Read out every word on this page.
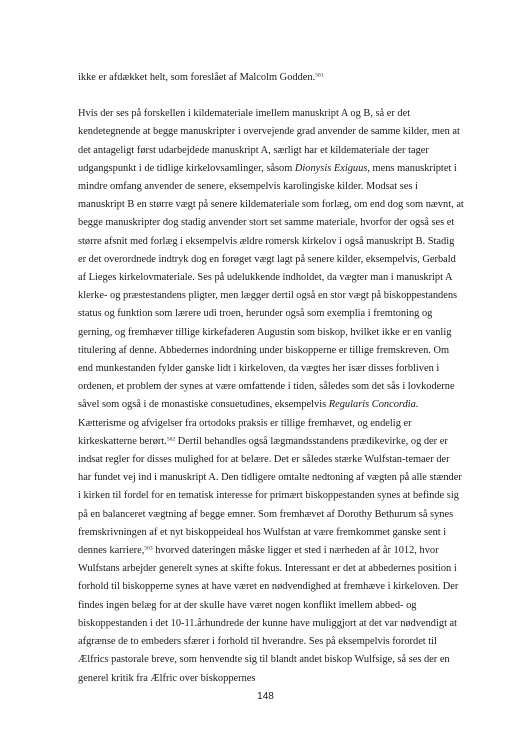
ikke er afdækket helt, som foreslået af Malcolm Godden.$^{561}$

Hvis der ses på forskellen i kildemateriale imellem manuskript A og B, så er det kendetegnende at begge manuskripter i overvejende grad anvender de samme kilder, men at det antageligt først udarbejdede manuskript A, særligt har et kildemateriale der tager udgangspunkt i de tidlige kirkelovsamlinger, såsom Dionysis Exiguus, mens manuskriptet i mindre omfang anvender de senere, eksempelvis karolingiske kilder. Modsat ses i manuskript B en større vægt på senere kildemateriale som forlæg, om end dog som nævnt, at begge manuskripter dog stadig anvender stort set samme materiale, hvorfor der også ses et større afsnit med forlæg i eksempelvis ældre romersk kirkelov i også manuskript B. Stadig er det overordnede indtryk dog en forøget vægt lagt på senere kilder, eksempelvis, Gerbald af Lieges kirkelovmateriale. Ses på udelukkende indholdet, da vægter man i manuskript A klerke- og præstestandens pligter, men lægger dertil også en stor vægt på biskoppestandens status og funktion som lærere udi troen, herunder også som exemplia i fremtoning og gerning, og fremhæver tillige kirkefaderen Augustin som biskop, hvilket ikke er en vanlig titulering af denne. Abbedernes indordning under biskopperne er tillige fremskreven. Om end munkestanden fylder ganske lidt i kirkeloven, da vægtes her især disses forbliven i ordenen, et problem der synes at være omfattende i tiden, således som det sås i lovkoderne såvel som også i de monastiske consuetudines, eksempelvis Regularis Concordia. Kætterisme og afvigelser fra ortodoks praksis er tillige fremhævet, og endelig er kirkeskatterne berørt.$^{562}$ Dertil behandles også lægmandsstandens prædikevirke, og der er indsat regler for disses mulighed for at belære. Det er således stærke Wulfstan-temaer der har fundet vej ind i manuskript A. Den tidligere omtalte nedtoning af vægten på alle stænder i kirken til fordel for en tematisk interesse for primært biskoppestanden synes at befinde sig på en balanceret vægtning af begge emner. Som fremhævet af Dorothy Bethurum så synes fremskrivningen af et nyt biskoppeideal hos Wulfstan at være fremkommet ganske sent i dennes karriere,$^{563}$ hvorved dateringen måske ligger et sted i nærheden af år 1012, hvor Wulfstans arbejder generelt synes at skifte fokus. Interessant er det at abbedernes position i forhold til biskopperne synes at have været en nødvendighed at fremhæve i kirkeloven. Der findes ingen belæg for at der skulle have været nogen konflikt imellem abbed- og biskoppestanden i det 10-11.århundrede der kunne have muliggjort at det var nødvendigt at afgrænse de to embeders sfærer i forhold til hverandre. Ses på eksempelvis forordet til Ælfrics pastorale breve, som henvendte sig til blandt andet biskop Wulfsige, så ses der en generel kritik fra Ælfric over biskoppernes

148
